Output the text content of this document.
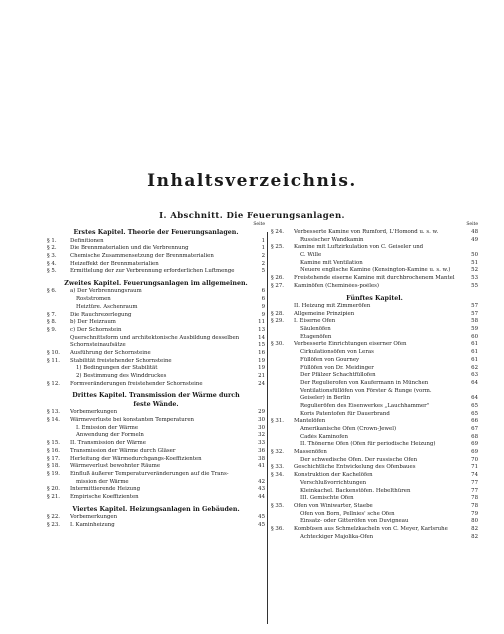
Inhaltsverzeichnis.
I. Abschnitt. Die Feuerungsanlagen.
Seite
Erstes Kapitel. Theorie der Feuerungsanlagen.
§ 1.	Definitionen	1
§ 2.	Die Brennmaterialien und die Verbrennung	1
§ 3.	Chemische Zusammensetzung der Brennmaterialien	2
§ 4.	Heizeffekt der Brennmaterialien	2
§ 5.	Ermittelung der zur Verbrennung erforderlichen Luftmenge	5
Zweites Kapitel. Feuerungsanlagen im allgemeinen.
§ 6.	a) Der Verbrennungsraum	6
Roststromen	6
Heiztüre. Aschenraum	9
§ 7.	Die Rauchrezerlegung	9
§ 8.	b) Der Heizraum	11
§ 9.	c) Der Schornstein	13
Querschnittsform und architektonische Ausbildung desselben	14
Schornsteinaufsätze	15
§ 10.	Ausführung der Schornsteine	16
§ 11.	Stabilität freistehender Schornsteine	19
1) Bedingungen der Stabilität	19
2) Bestimmung des Winddruckes	21
§ 12.	Formveränderungen freistehender Schornsteine	24
Drittes Kapitel. Transmission der Wärme durch
feste Wände.
§ 13.	Vorbemerkungen	29
§ 14.	Wärmeverluste bei konstanten Temperaturen	30
I. Emission der Wärme	30
Anwendung der Formeln	32
§ 15.	II. Transmission der Wärme	33
§ 16.	Transmission der Wärme durch Gläser	36
§ 17.	Herleitung der Wärmedurchgangs-Koeffizienten	38
§ 18.	Wärmeverlust bewohnter Räume	41
§ 19.	Einfluß äußerer Temperaturveränderungen auf die Trans-
mission der Wärme	42
§ 20.	Intermittierende Heizung	43
§ 21.	Empirische Koeffizienten	44
Viertes Kapitel. Heizungsanlagen in Gebäuden.
§ 22.	Vorbemerkungen	45
§ 23.	I. Kaminheizung	45
Seite
§ 24.	Verbesserte Kamine von Rumford, L'Homond u. s. w.	48
Russischer Wandkamin	49
§ 25.	Kamine mit Luftzirkulation von C. Geiseler und
C. Wille	50
Kamine mit Ventilation	51
Neuere englische Kamine (Kensington-Kamine u. s. w.)	52
§ 26.	Freistehende eiserne Kamine mit durchbrochenem Mantel	53
§ 27.	Kaminöfen (Cheminées-poêles)	55
Fünftes Kapitel.
II. Heizung mit Zimmeröfen	57
§ 28.	Allgemeine Prinzipien	57
§ 29.	I. Eiserne Öfen	58
Säulenöfen	59
Etagenöfen	60
§ 30.	Verbesserte Einrichtungen eiserner Öfen	61
Cirkulationsöfen von Leras	61
Füllöfen von Gourney	61
Füllöfen von Dr. Meidinger	62
Der Pfälzer Schachtfüllofen	63
Der Regulierofen von Kaufermann in München	64
Ventilationsfüllöfen von Förster & Runge (vorm.
Geiseler) in Berlin	64
Regulieröfen des Eisenwerkes „Lauchhammer"	65
Koris Patentofen für Dauerbrand	65
§ 31.	Mantelöfen	66
Amerikanische Öfen (Crown-Jewel)	67
Cadés Kaminofen	68
II. Thönerne Öfen (Öfen für periodische Heizung)	69
§ 32.	Massenöfen	69
Der schwedische Öfen. Der russische Öfen	70
§ 33.	Geschichtliche Entwickelung des Ofenbaues	71
§ 34.	Konstruktion der Kachelöfen	74
Verschlußvorrichtungen	77
Kleinkachel. Backenstöfen. Hebelthüren	77
III. Gemischte Öfen	78
§ 35.	Öfen von Winiwarter, Staebe	78
Öfen von Born, Pellnies' sche Öfen	79
Einsatz- oder Gitteröfen von Duvigneau	80
§ 36.	Kombüsen aus Schmelzkacheln von C. Meyer, Karlsruhe	82
Achteckiger Majolika-Öfen	82
